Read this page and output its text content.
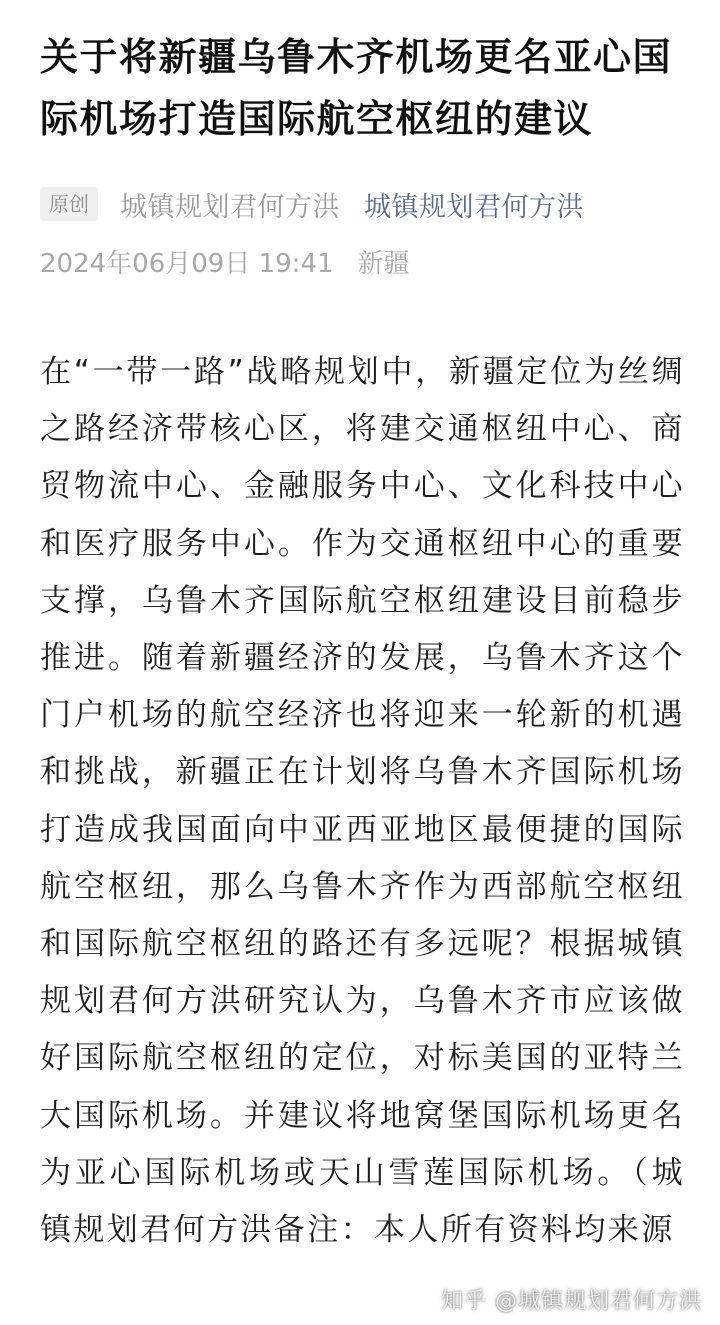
关于将新疆乌鲁木齐机场更名亚心国际机场打造国际航空枢纽的建议
原创	城镇规划君何方洪 城镇规划君何方洪
2024年06月09日 19:41 新疆

在“一带一路”战略规划中，新疆定位为丝绸之路经济带核心区，将建交通枢纽中心、商贸物流中心、金融服务中心、文化科技中心和医疗服务中心。作为交通枢纽中心的重要支撑，乌鲁木齐国际航空枢纽建设目前稳步推进。随着新疆经济的发展，乌鲁木齐这个门户机场的航空经济也将迎来一轮新的机遇和挑战，新疆正在计划将乌鲁木齐国际机场打造成我国面向中亚西亚地区最便捷的国际航空枢纽，那么乌鲁木齐作为西部航空枢纽和国际航空枢纽的路还有多远呢？根据城镇规划君何方洪研究认为，乌鲁木齐市应该做好国际航空枢纽的定位，对标美国的亚特兰大国际机场。并建议将地窝堡国际机场更名为亚心国际机场或天山雪莲国际机场。（城镇规划君何方洪备注：本人所有资料均来源

知乎 @城镇规划君何方洪
